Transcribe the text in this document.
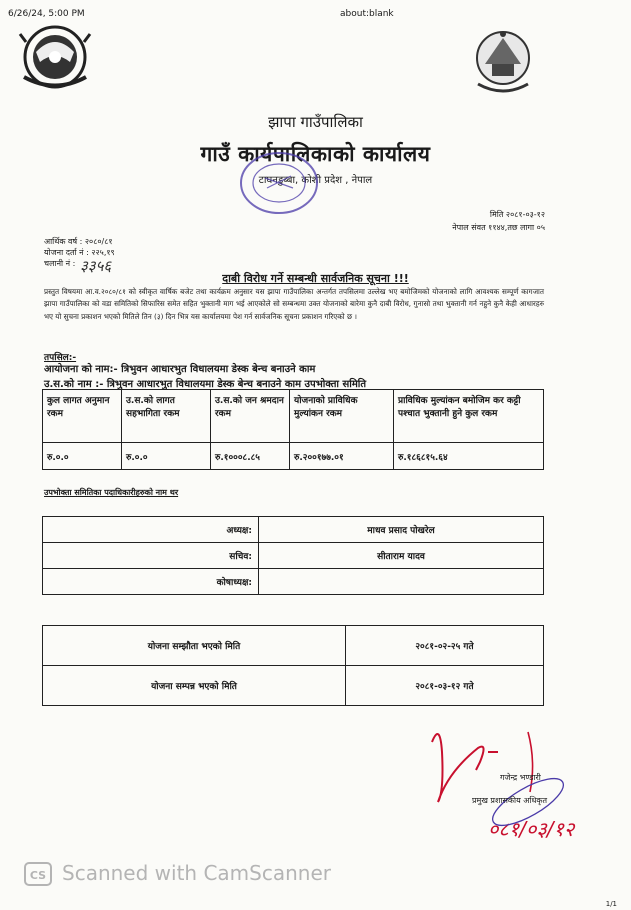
6/26/24, 5:00 PM	about:blank
झापा गाउँपालिका
गाउँ कार्यपालिकाको कार्यालय
टाघनडुब्बा, कोशी प्रदेश , नेपाल
मिति २०८१-०३-१२
नेपाल संवत ११४४,तछ लागा ०५
आर्थिक वर्ष : २०८०/८१
योजना दर्ता नं : २२५,१९
चलानी नं : ३३५६
दाबी विरोध गर्ने सम्बन्धी सार्वजनिक सूचना !!!
प्रस्तुत विषयमा आ.व.२०८०/८१ को स्वीकृत वार्षिक बजेट तथा कार्यक्रम अनुसार यस झापा गाउँपालिका अन्तर्गत तपसिलमा उल्लेख भए बमोजिमको योजनाको लागि आवश्यक सम्पूर्ण कागजात झापा गाउँपालिका को वडा समितिको सिफारिस समेत सहित भुक्तानी माग भई आएकोले सो सम्बन्धमा उक्त योजनाको बारेमा कुनै दाबी विरोध, गुनासो तथा भुक्तानी गर्न नहुने कुनै केही आधारहरु भए यो सुचना प्रकाशन भएको मितिले तिन (३) दिन भित्र यस कार्यालयमा पेश गर्न सार्वजनिक सूचना प्रकाशन गरिएको छ ।
तपसिल:-
आयोजना को नाम:- त्रिभुवन आधारभुत विधालयमा डेस्क बेन्च बनाउने काम
उ.स.को नाम :- त्रिभुवन आधारभुत विधालयमा डेस्क बेन्च बनाउने काम उपभोक्ता समिति
कुल लागत अनुमान रकम	उ.स.को लागत सहभागिता रकम	उ.स.को जन श्रमदान रकम	योजनाको प्राविधिक मुल्यांकन रकम	प्राविधिक मुल्यांकन बमोजिम कर कट्टी पश्चात भुक्तानी हुने कुल रकम
रु.०.०	रु.०.०	रु.१०००८.८५	रु.२००१७७.०१	रु.१८६८१५.६४
उपभोक्ता समितिका पदाधिकारीहरुको नाम थर
अध्यक्ष:	माधव प्रसाद पोखरेल
सचिव:	सीताराम यादव
कोषाध्यक्ष:	
योजना सम्झौता भएको मिति	२०८१-०२-२५ गते
योजना सम्पन्न भएको मिति	२०८१-०३-१२ गते
०८१/०३/१२
गजेन्द्र भण्डारी
प्रमुख प्रशासकीय अधिकृत
CS Scanned with CamScanner
1/1
